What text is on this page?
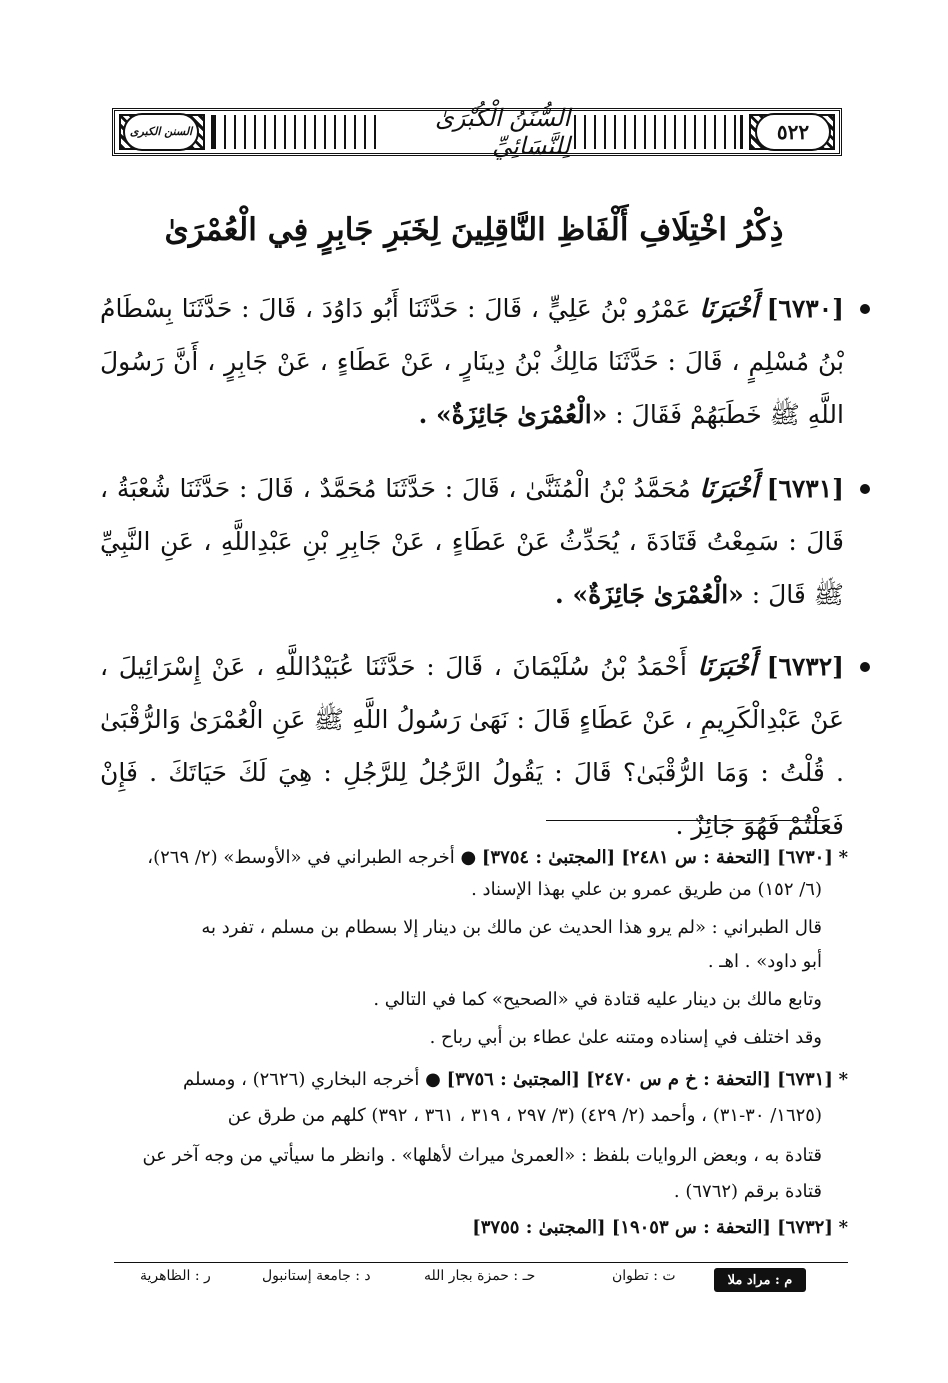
السُّنَنُ الْكُبْرَىٰ لِلنَّسَائِيِّ	٥٢٢
السنن الكبرى
ذِكْرُ اخْتِلَافِ أَلْفَاظِ النَّاقِلِينَ لِخَبَرِ جَابِرٍ فِي الْعُمْرَىٰ
[٦٧٣٠] أَخْبَرَنَا عَمْرُو بْنُ عَلِيٍّ ، قَالَ : حَدَّثَنَا أَبُو دَاوُدَ ، قَالَ : حَدَّثَنَا بِسْطَامُ بْنُ مُسْلِمٍ ، قَالَ : حَدَّثَنَا مَالِكُ بْنُ دِينَارٍ ، عَنْ عَطَاءٍ ، عَنْ جَابِرٍ ، أَنَّ رَسُولَ اللَّهِ ﷺ خَطَبَهُمْ فَقَالَ : «الْعُمْرَىٰ جَائِزَةٌ» .
[٦٧٣١] أَخْبَرَنَا مُحَمَّدُ بْنُ الْمُثَنَّىٰ ، قَالَ : حَدَّثَنَا مُحَمَّدٌ ، قَالَ : حَدَّثَنَا شُعْبَةُ ، قَالَ : سَمِعْتُ قَتَادَةَ ، يُحَدِّثُ عَنْ عَطَاءٍ ، عَنْ جَابِرِ بْنِ عَبْدِاللَّهِ ، عَنِ النَّبِيِّ ﷺ قَالَ : «الْعُمْرَىٰ جَائِزَةٌ» .
[٦٧٣٢] أَخْبَرَنَا أَحْمَدُ بْنُ سُلَيْمَانَ ، قَالَ : حَدَّثَنَا عُبَيْدُاللَّهِ ، عَنْ إِسْرَائِيلَ ، عَنْ عَبْدِالْكَرِيمِ ، عَنْ عَطَاءٍ قَالَ : نَهَىٰ رَسُولُ اللَّهِ ﷺ عَنِ الْعُمْرَىٰ وَالرُّقْبَىٰ . قُلْتُ : وَمَا الرُّقْبَىٰ؟ قَالَ : يَقُولُ الرَّجُلُ لِلرَّجُلِ : هِيَ لَكَ حَيَاتَكَ . فَإِنْ فَعَلْتُمْ فَهُوَ جَائِزٌ .
* [٦٧٣٠] [التحفة : س ٢٤٨١] [المجتبىٰ : ٣٧٥٤] ● أخرجه الطبراني في «الأوسط» (٢/ ٢٦٩)،
(٦/ ١٥٢) من طريق عمرو بن علي بهذا الإسناد .
قال الطبراني : «لم يرو هذا الحديث عن مالك بن دينار إلا بسطام بن مسلم ، تفرد به
أبو داود» . اهـ .
وتابع مالك بن دينار عليه قتادة في «الصحيح» كما في التالي .
وقد اختلف في إسناده ومتنه علىٰ عطاء بن أبي رباح .
* [٦٧٣١] [التحفة : خ م س ٢٤٧٠] [المجتبىٰ : ٣٧٥٦] ● أخرجه البخاري (٢٦٢٦) ، ومسلم
(١٦٢٥/ ٣٠-٣١) ، وأحمد (٢/ ٤٢٩) (٣/ ٢٩٧ ، ٣١٩ ، ٣٦١ ، ٣٩٢) كلهم من طرق عن
قتادة به ، وبعض الروايات بلفظ : «العمرىٰ ميراث لأهلها» . وانظر ما سيأتي من وجه آخر عن
قتادة برقم (٦٧٦٢) .
* [٦٧٣٢] [التحفة : س ١٩٠٥٣] [المجتبىٰ : ٣٧٥٥]
م : مراد ملا
ت : تطوان
حـ : حمزة بجار الله
د : جامعة إستانبول
ر : الظاهرية
